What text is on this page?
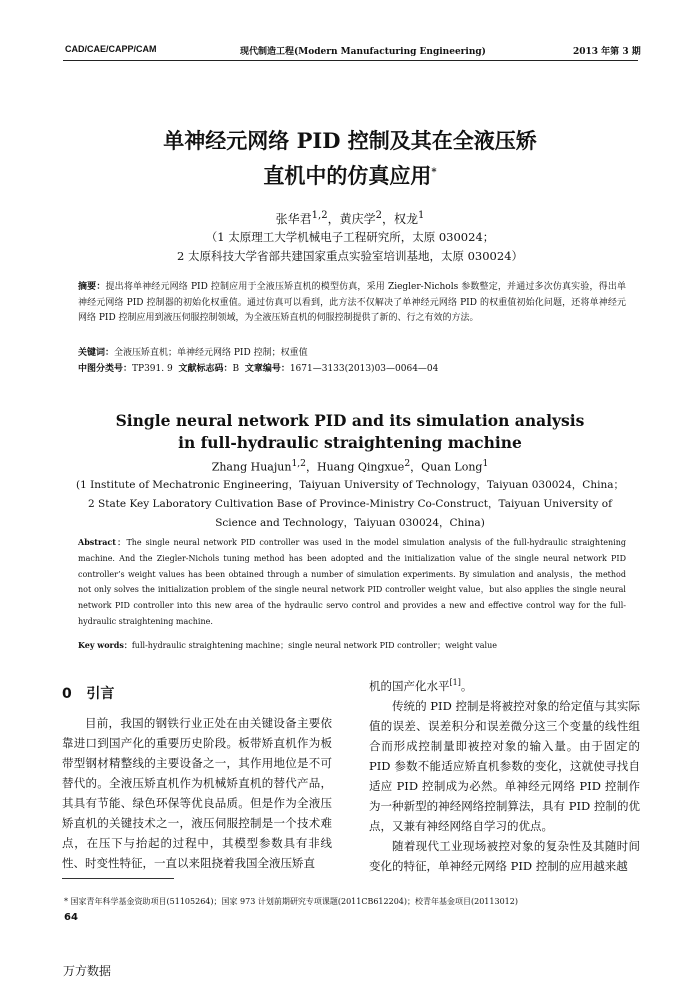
CAD/CAE/CAPP/CAM	现代制造工程(Modern Manufacturing Engineering)	2013 年第 3 期
单神经元网络 PID 控制及其在全液压矫
直机中的仿真应用*
张华君$^{1,2}$，黄庆学$^2$，权龙$^1$
（1 太原理工大学机械电子工程研究所，太原 030024；
2 太原科技大学省部共建国家重点实验室培训基地，太原 030024）
摘要：提出将单神经元网络 PID 控制应用于全液压矫直机的模型仿真，采用 Ziegler-Nichols 参数整定，并通过多次仿真实验，得出单神经元网络 PID 控制器的初始化权重值。通过仿真可以看到，此方法不仅解决了单神经元网络 PID 的权重值初始化问题，还将单神经元网络 PID 控制应用到液压伺服控制领域，为全液压矫直机的伺服控制提供了新的、行之有效的方法。
关键词：全液压矫直机；单神经元网络 PID 控制；权重值
中图分类号：TP391. 9 文献标志码：B 文章编号：1671—3133(2013)03—0064—04
Single neural network PID and its simulation analysis
in full-hydraulic straightening machine
Zhang Huajun$^{1,2}$，Huang Qingxue$^2$，Quan Long$^1$
(1 Institute of Mechatronic Engineering，Taiyuan University of Technology，Taiyuan 030024，China；
2 State Key Laboratory Cultivation Base of Province-Ministry Co-Construct，Taiyuan University of
Science and Technology，Taiyuan 030024，China)
Abstract：The single neural network PID controller was used in the model simulation analysis of the full-hydraulic straightening machine. And the Ziegler-Nichols tuning method has been adopted and the initialization value of the single neural network PID controller’s weight values has been obtained through a number of simulation experiments. By simulation and analysis，the method not only solves the initialization problem of the single neural network PID controller weight value，but also applies the single neural network PID controller into this new area of the hydraulic servo control and provides a new and effective control way for the full-hydraulic straightening machine.
Key words：full-hydraulic straightening machine；single neural network PID controller；weight value
0 引言

目前，我国的钢铁行业正处在由关键设备主要依靠进口到国产化的重要历史阶段。板带矫直机作为板带型钢材精整线的主要设备之一，其作用地位是不可替代的。全液压矫直机作为机械矫直机的替代产品，其具有节能、绿色环保等优良品质。但是作为全液压矫直机的关键技术之一，液压伺服控制是一个技术难点，在压下与抬起的过程中，其模型参数具有非线性、时变性特征，一直以来阻挠着我国全液压矫直

机的国产化水平[1]。

传统的 PID 控制是将被控对象的给定值与其实际值的误差、误差积分和误差微分这三个变量的线性组合而形成控制量即被控对象的输入量。由于固定的 PID 参数不能适应矫直机参数的变化，这就使寻找自适应 PID 控制成为必然。单神经元网络 PID 控制作为一种新型的神经网络控制算法，具有 PID 控制的优点，又兼有神经网络自学习的优点。

随着现代工业现场被控对象的复杂性及其随时间变化的特征，单神经元网络 PID 控制的应用越来越

* 国家青年科学基金资助项目(51105264)；国家 973 计划前期研究专项课题(2011CB612204)；校青年基金项目(20113012)
64
万方数据
